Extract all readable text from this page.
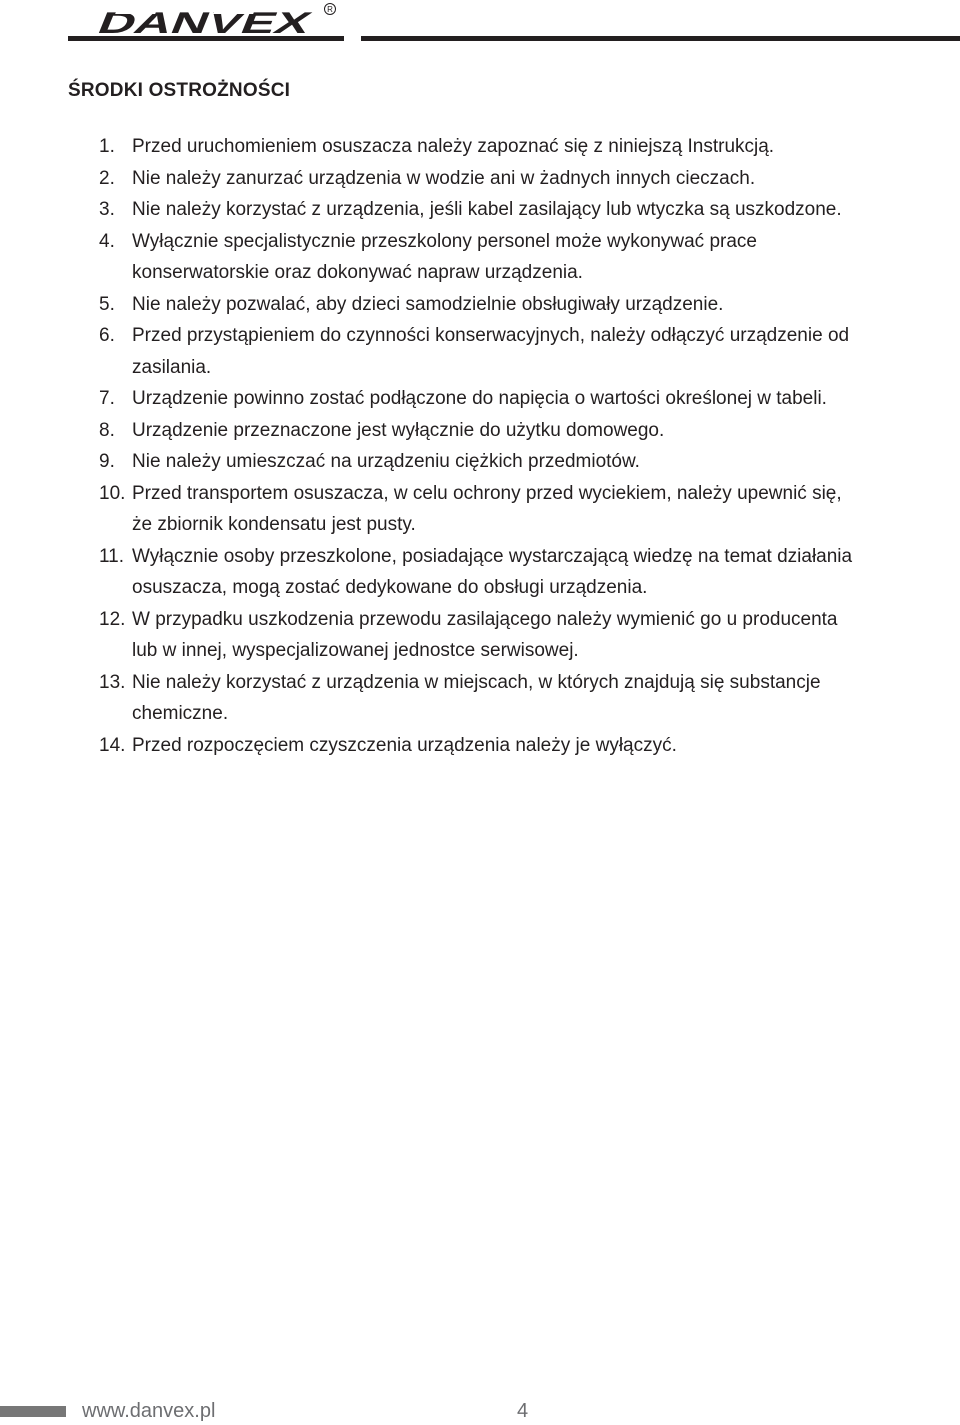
DANVEX	R
ŚRODKI OSTROŻNOŚCI
1. Przed uruchomieniem osuszacza należy zapoznać się z niniejszą Instrukcją.
2. Nie należy zanurzać urządzenia w wodzie ani w żadnych innych cieczach.
3. Nie należy korzystać z urządzenia, jeśli kabel zasilający lub wtyczka są uszkodzone.
4. Wyłącznie specjalistycznie przeszkolony personel może wykonywać prace
konserwatorskie oraz dokonywać napraw urządzenia.
5. Nie należy pozwalać, aby dzieci samodzielnie obsługiwały urządzenie.
6. Przed przystąpieniem do czynności konserwacyjnych, należy odłączyć urządzenie od
zasilania.
7. Urządzenie powinno zostać podłączone do napięcia o wartości określonej w tabeli.
8. Urządzenie przeznaczone jest wyłącznie do użytku domowego.
9. Nie należy umieszczać na urządzeniu ciężkich przedmiotów.
10. Przed transportem osuszacza, w celu ochrony przed wyciekiem, należy upewnić się,
że zbiornik kondensatu jest pusty.
11. Wyłącznie osoby przeszkolone, posiadające wystarczającą wiedzę na temat działania
osuszacza, mogą zostać dedykowane do obsługi urządzenia.
12. W przypadku uszkodzenia przewodu zasilającego należy wymienić go u producenta
lub w innej, wyspecjalizowanej jednostce serwisowej.
13. Nie należy korzystać z urządzenia w miejscach, w których znajdują się substancje
chemiczne.
14. Przed rozpoczęciem czyszczenia urządzenia należy je wyłączyć.
www.danvex.pl	4
